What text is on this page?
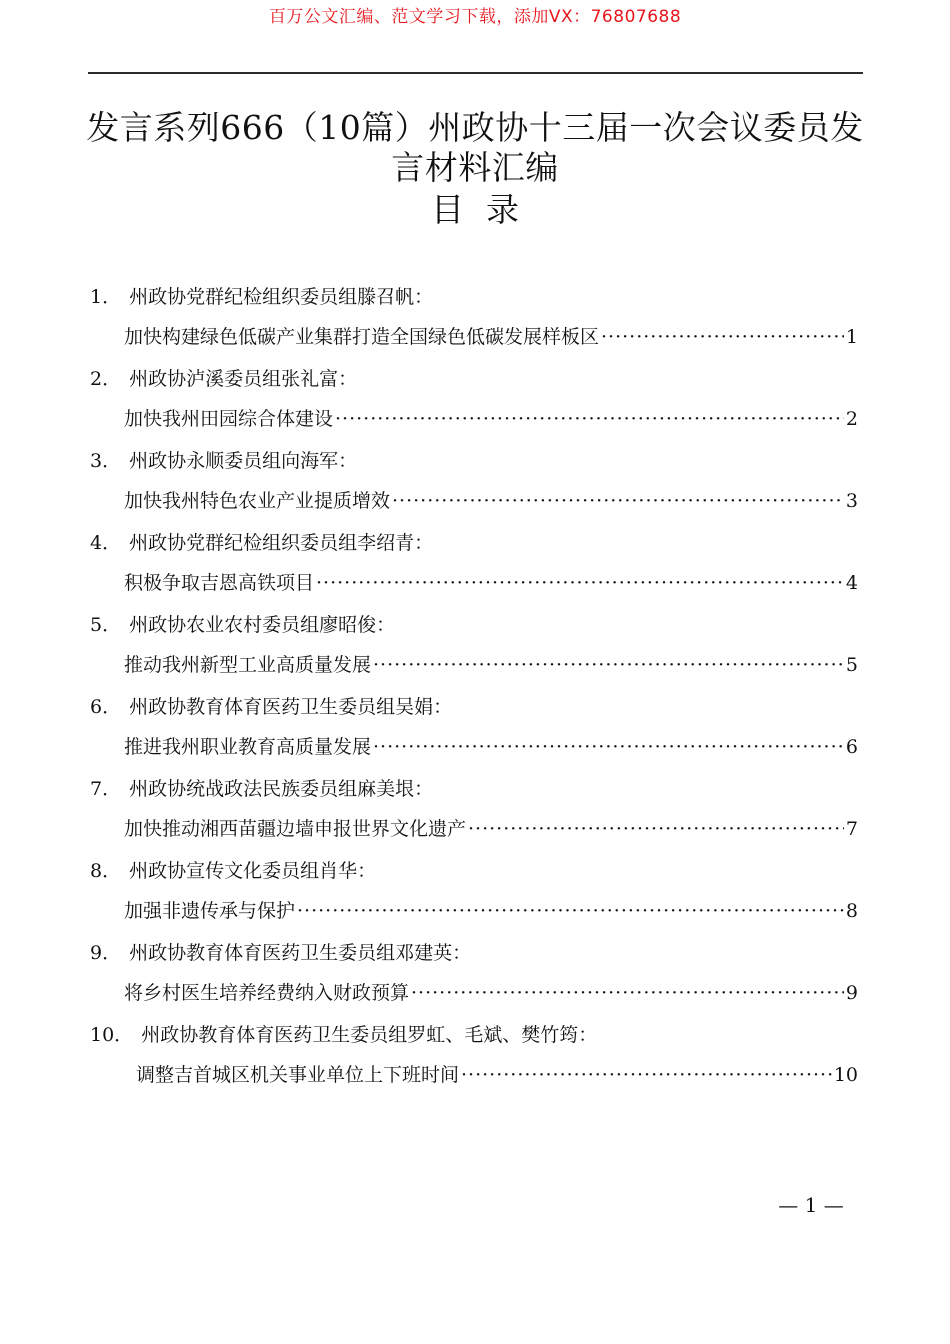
百万公文汇编、范文学习下载，添加VX：76807688
发言系列666（10篇）州政协十三届一次会议委员发
言材料汇编
目录
1． 州政协党群纪检组织委员组滕召帆：
加快构建绿色低碳产业集群打造全国绿色低碳发展样板区 ·····	1
2． 州政协泸溪委员组张礼富：
加快我州田园综合体建设 ·····	2
3． 州政协永顺委员组向海军：
加快我州特色农业产业提质增效 ·····	3
4． 州政协党群纪检组织委员组李绍青：
积极争取吉恩高铁项目 ·····	4
5． 州政协农业农村委员组廖昭俊：
推动我州新型工业高质量发展 ·····	5
6． 州政协教育体育医药卫生委员组吴娟：
推进我州职业教育高质量发展 ·····	6
7． 州政协统战政法民族委员组麻美垠：
加快推动湘西苗疆边墙申报世界文化遗产 ·····	7
8． 州政协宣传文化委员组肖华：
加强非遗传承与保护 ·····	8
9． 州政协教育体育医药卫生委员组邓建英：
将乡村医生培养经费纳入财政预算 ·····	9
10． 州政协教育体育医药卫生委员组罗虹、毛斌、樊竹筠：
调整吉首城区机关事业单位上下班时间 ·····	10
— 1 —
